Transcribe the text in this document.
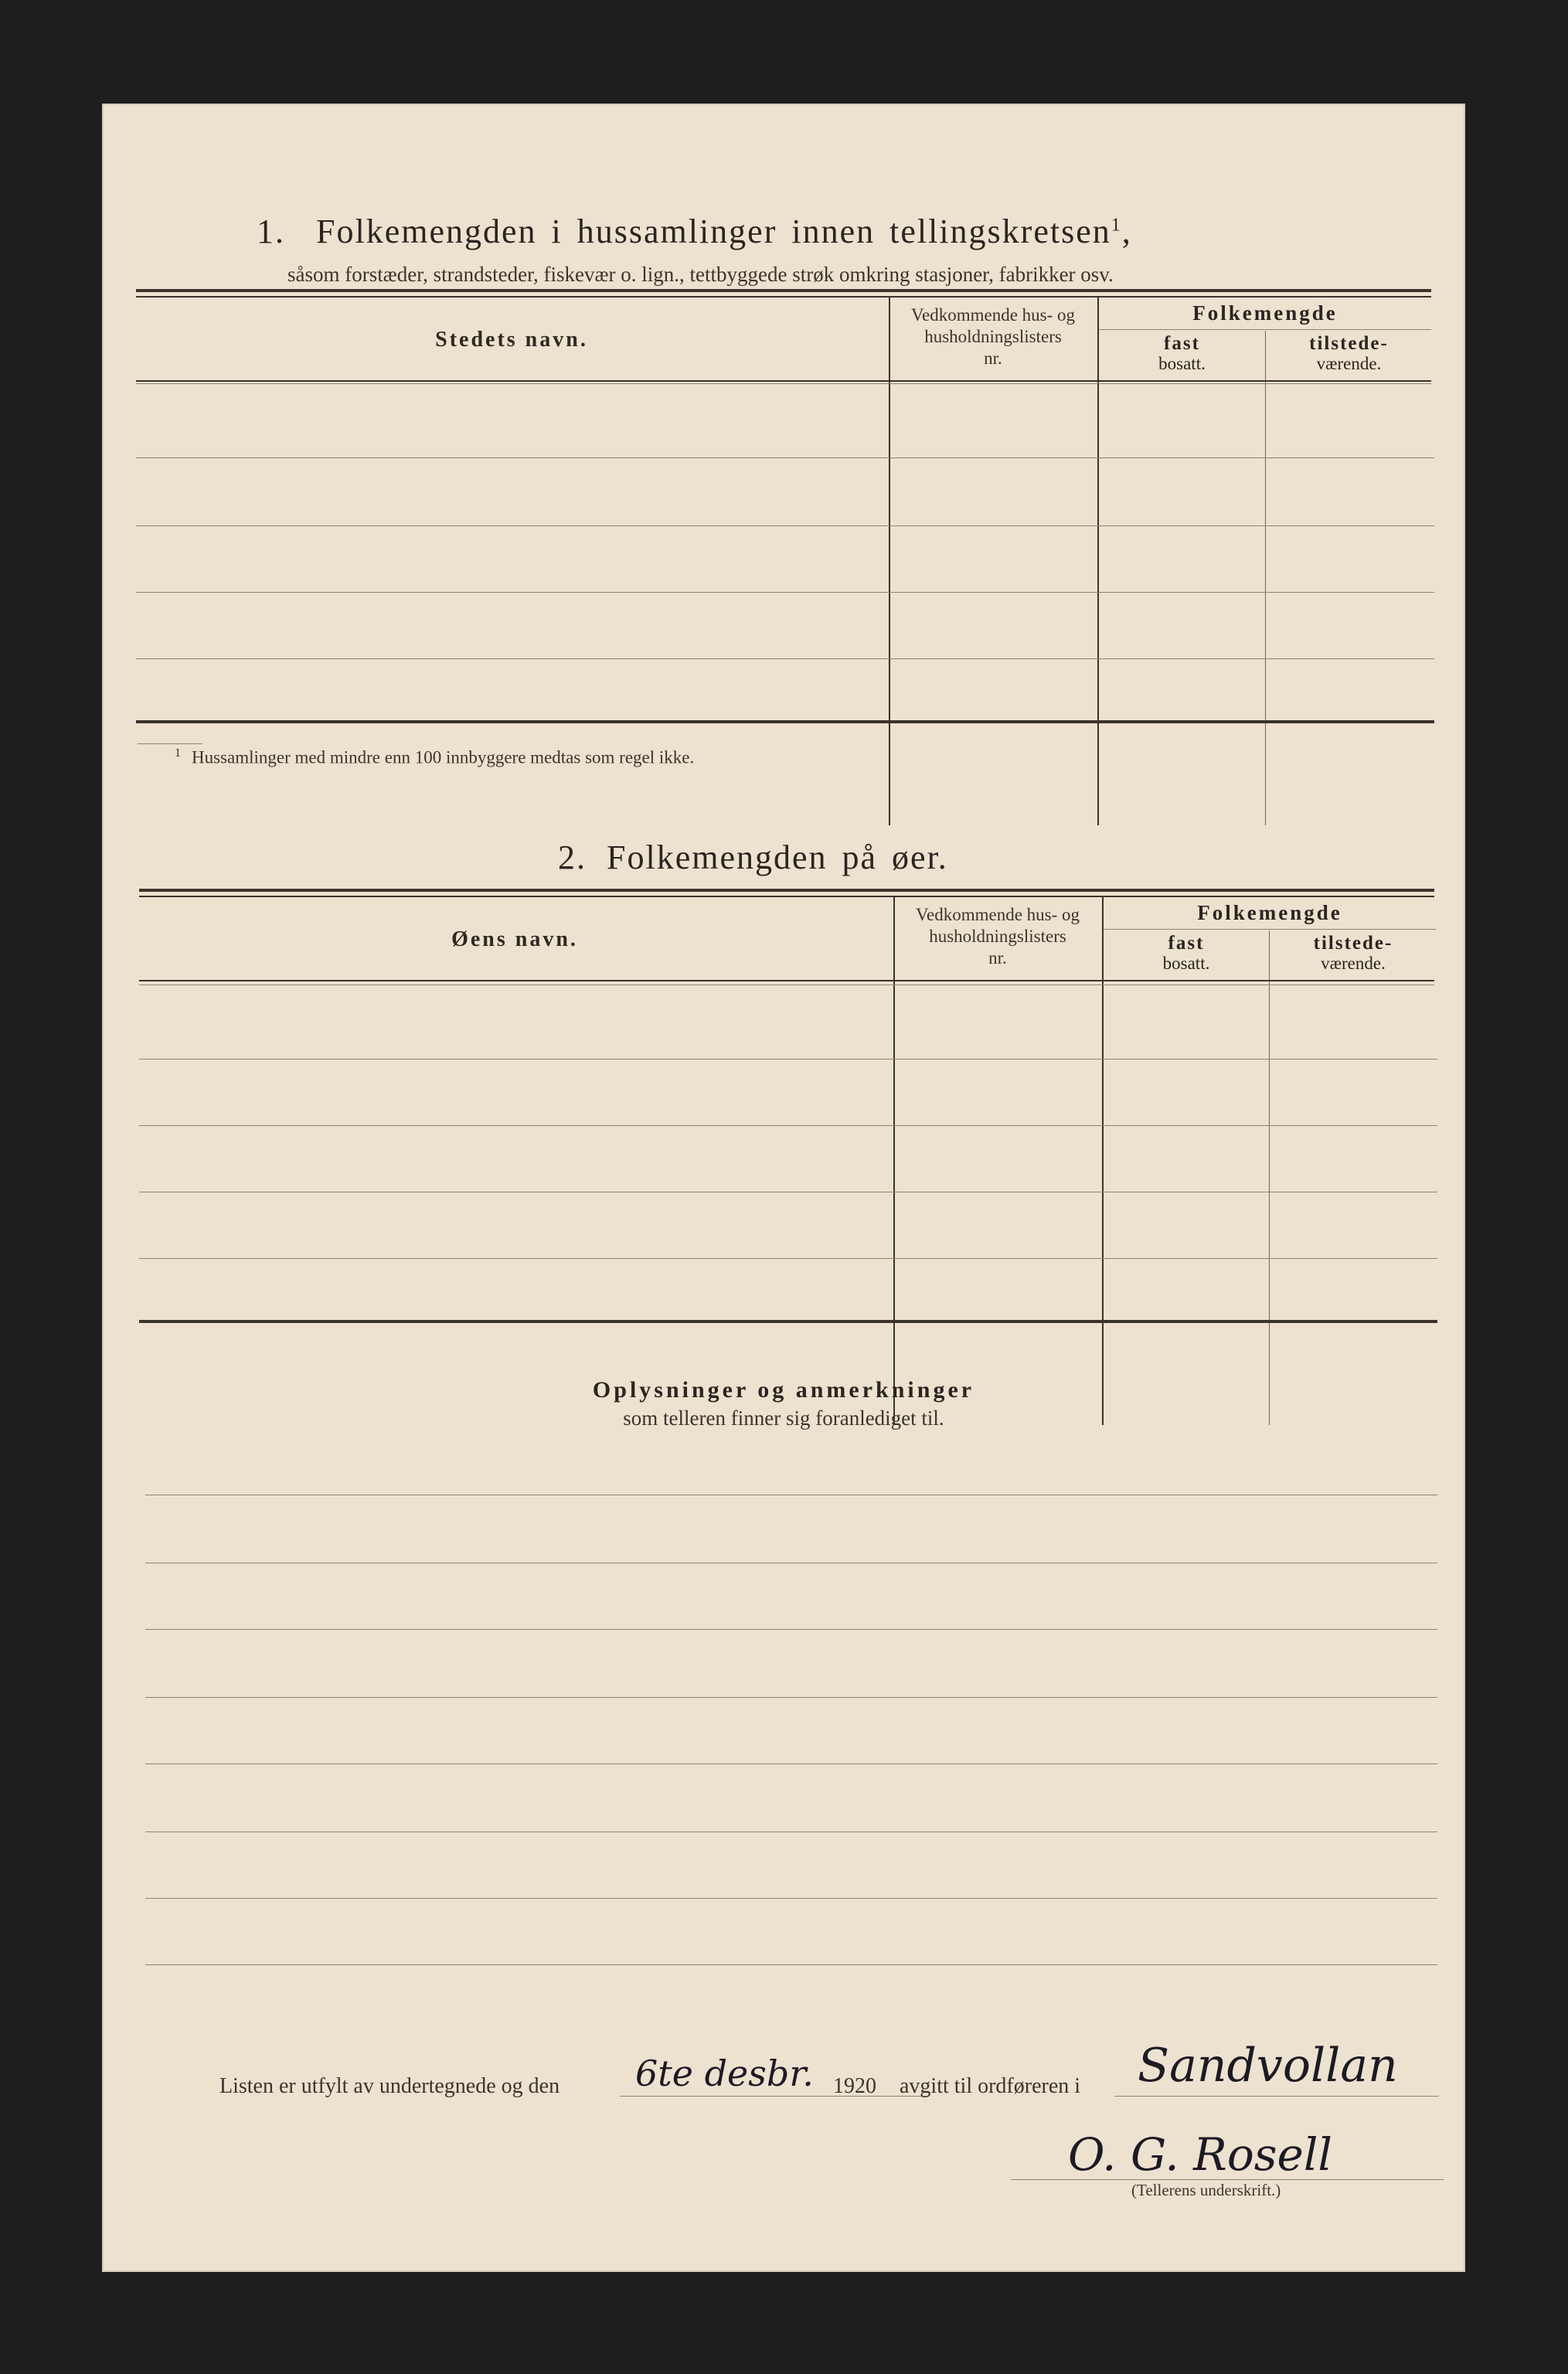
1. Folkemengden i hussamlinger innen tellingskretsen$^1$,
såsom forstæder, strandsteder, fiskevær o. lign., tettbyggede strøk omkring stasjoner, fabrikker osv.
Stedets navn.
Vedkommende hus- og
husholdningslisters
nr.
Folkemengde
fast
bosatt.
tilstede-
værende.
$^1$ Hussamlinger med mindre enn 100 innbyggere medtas som regel ikke.
2. Folkemengden på øer.
Øens navn.
Vedkommende hus- og
husholdningslisters
nr.
Folkemengde
fast
bosatt.
tilstede-
værende.
Oplysninger og anmerkninger
som telleren finner sig foranlediget til.
Listen er utfylt av undertegnede og den 6te desbr. 1920 avgitt til ordføreren i Sandvollan
O. G. Rosell
(Tellerens underskrift.)
